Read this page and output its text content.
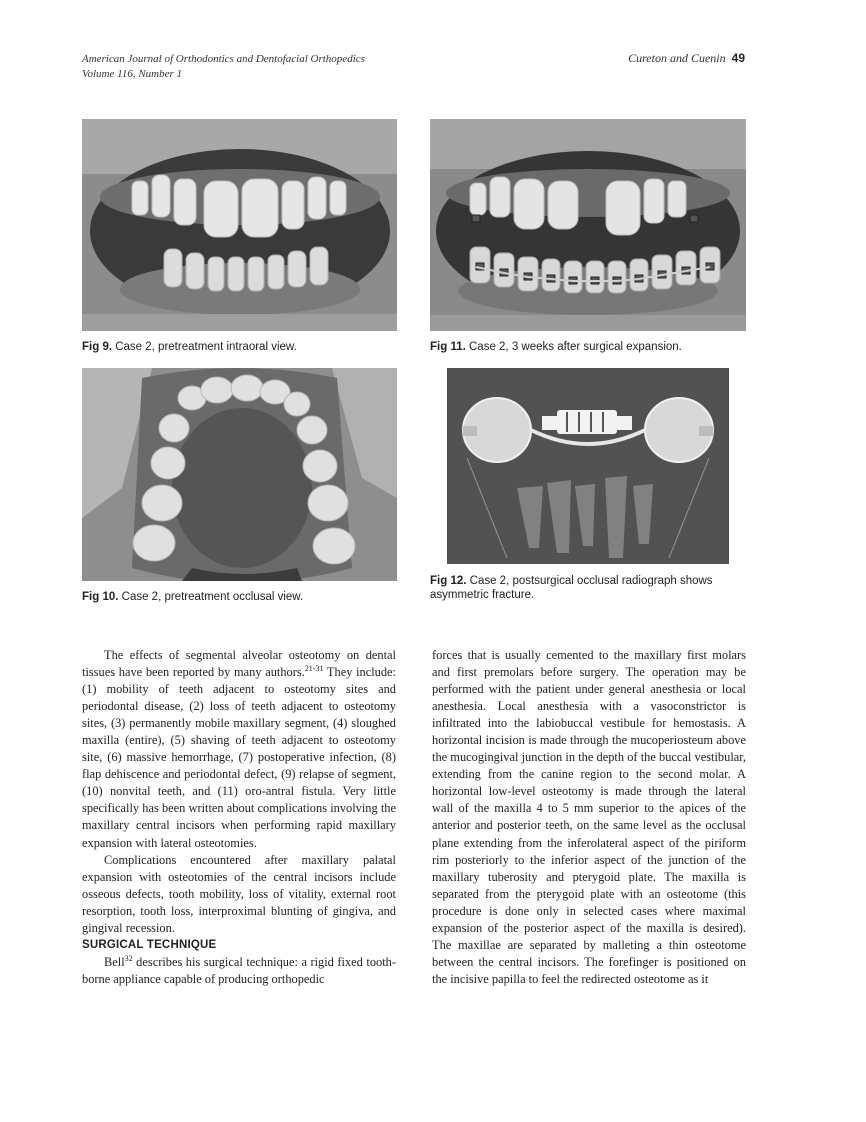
American Journal of Orthodontics and Dentofacial Orthopedics
Volume 116, Number 1
Cureton and Cuenin 49
Fig 9. Case 2, pretreatment intraoral view.	Fig 11. Case 2, 3 weeks after surgical expansion.
Fig 10. Case 2, pretreatment occlusal view.
Fig 12. Case 2, postsurgical occlusal radiograph shows asymmetric fracture.

The effects of segmental alveolar osteotomy on dental tissues have been reported by many authors.$^{21-31}$ They include: (1) mobility of teeth adjacent to osteotomy sites and periodontal disease, (2) loss of teeth adjacent to osteotomy sites, (3) permanently mobile maxillary segment, (4) sloughed maxilla (entire), (5) shaving of teeth adjacent to osteotomy site, (6) massive hemorrhage, (7) postoperative infection, (8) flap dehiscence and periodontal defect, (9) relapse of segment, (10) nonvital teeth, and (11) oro-antral fistula. Very little specifically has been written about complications involving the maxillary central incisors when performing rapid maxillary expansion with lateral osteotomies.

Complications encountered after maxillary palatal expansion with osteotomies of the central incisors include osseous defects, tooth mobility, loss of vitality, external root resorption, tooth loss, interproximal blunting of gingiva, and gingival recession.

SURGICAL TECHNIQUE

Bell$^{32}$ describes his surgical technique: a rigid fixed tooth-borne appliance capable of producing orthopedic

forces that is usually cemented to the maxillary first molars and first premolars before surgery. The operation may be performed with the patient under general anesthesia or local anesthesia. Local anesthesia with a vasoconstrictor is infiltrated into the labiobuccal vestibule for hemostasis. A horizontal incision is made through the mucoperiosteum above the mucogingival junction in the depth of the buccal vestibular, extending from the canine region to the second molar. A horizontal low-level osteotomy is made through the lateral wall of the maxilla 4 to 5 mm superior to the apices of the anterior and posterior teeth, on the same level as the occlusal plane extending from the inferolateral aspect of the piriform rim posteriorly to the inferior aspect of the junction of the maxillary tuberosity and pterygoid plate. The maxilla is separated from the pterygoid plate with an osteotome (this procedure is done only in selected cases where maximal expansion of the posterior aspect of the maxilla is desired). The maxillae are separated by malleting a thin osteotome between the central incisors. The forefinger is positioned on the incisive papilla to feel the redirected osteotome as it
